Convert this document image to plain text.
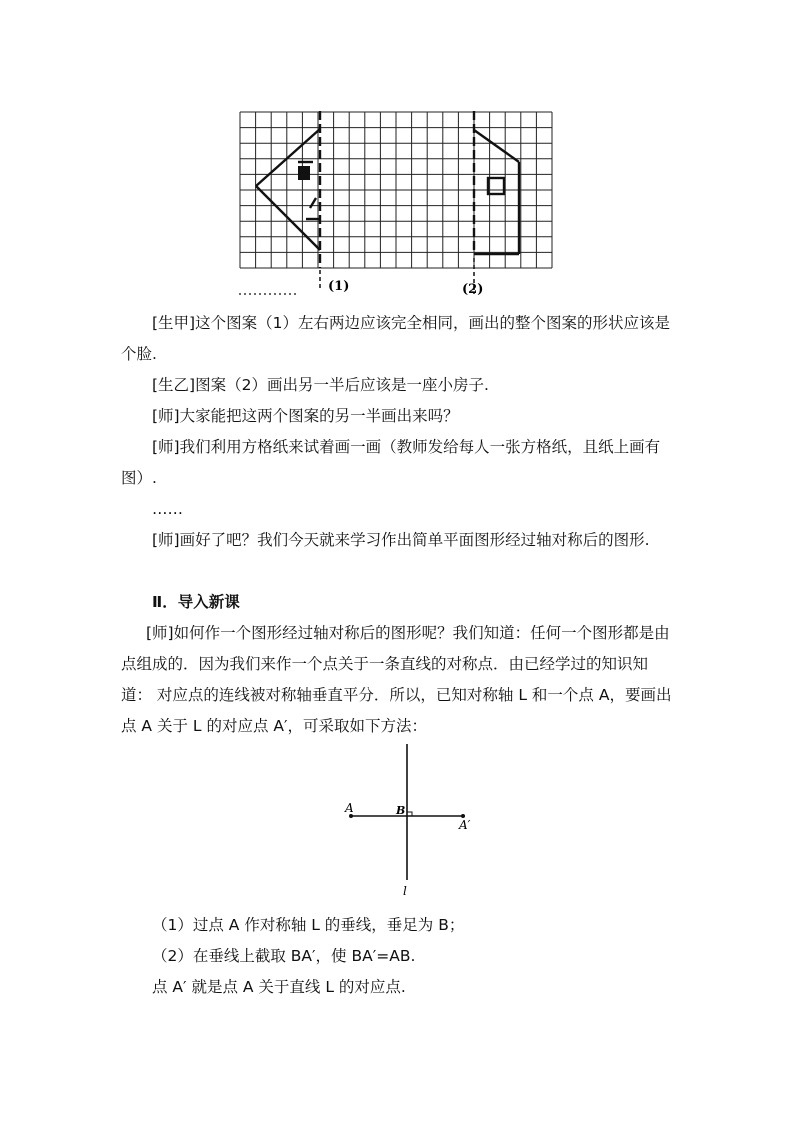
(1)	(2)

[生甲]这个图案（1）左右两边应该完全相同，画出的整个图案的形状应该是个脸.

[生乙]图案（2）画出另一半后应该是一座小房子.

[师]大家能把这两个图案的另一半画出来吗？

[师]我们利用方格纸来试着画一画（教师发给每人一张方格纸，且纸上画有图）.

……

[师]画好了吧？我们今天就来学习作出简单平面图形经过轴对称后的图形.

Ⅱ．导入新课

[师]如何作一个图形经过轴对称后的图形呢？我们知道：任何一个图形都是由点组成的．因为我们来作一个点关于一条直线的对称点．由已经学过的知识知道： 对应点的连线被对称轴垂直平分．所以，已知对称轴 L 和一个点 A，要画出点 A 关于 L 的对应点 A′，可采取如下方法：

A	B
A′
l

（1）过点 A 作对称轴 L 的垂线，垂足为 B；

（2）在垂线上截取 BA′，使 BA′=AB.

点 A′ 就是点 A 关于直线 L 的对应点.
